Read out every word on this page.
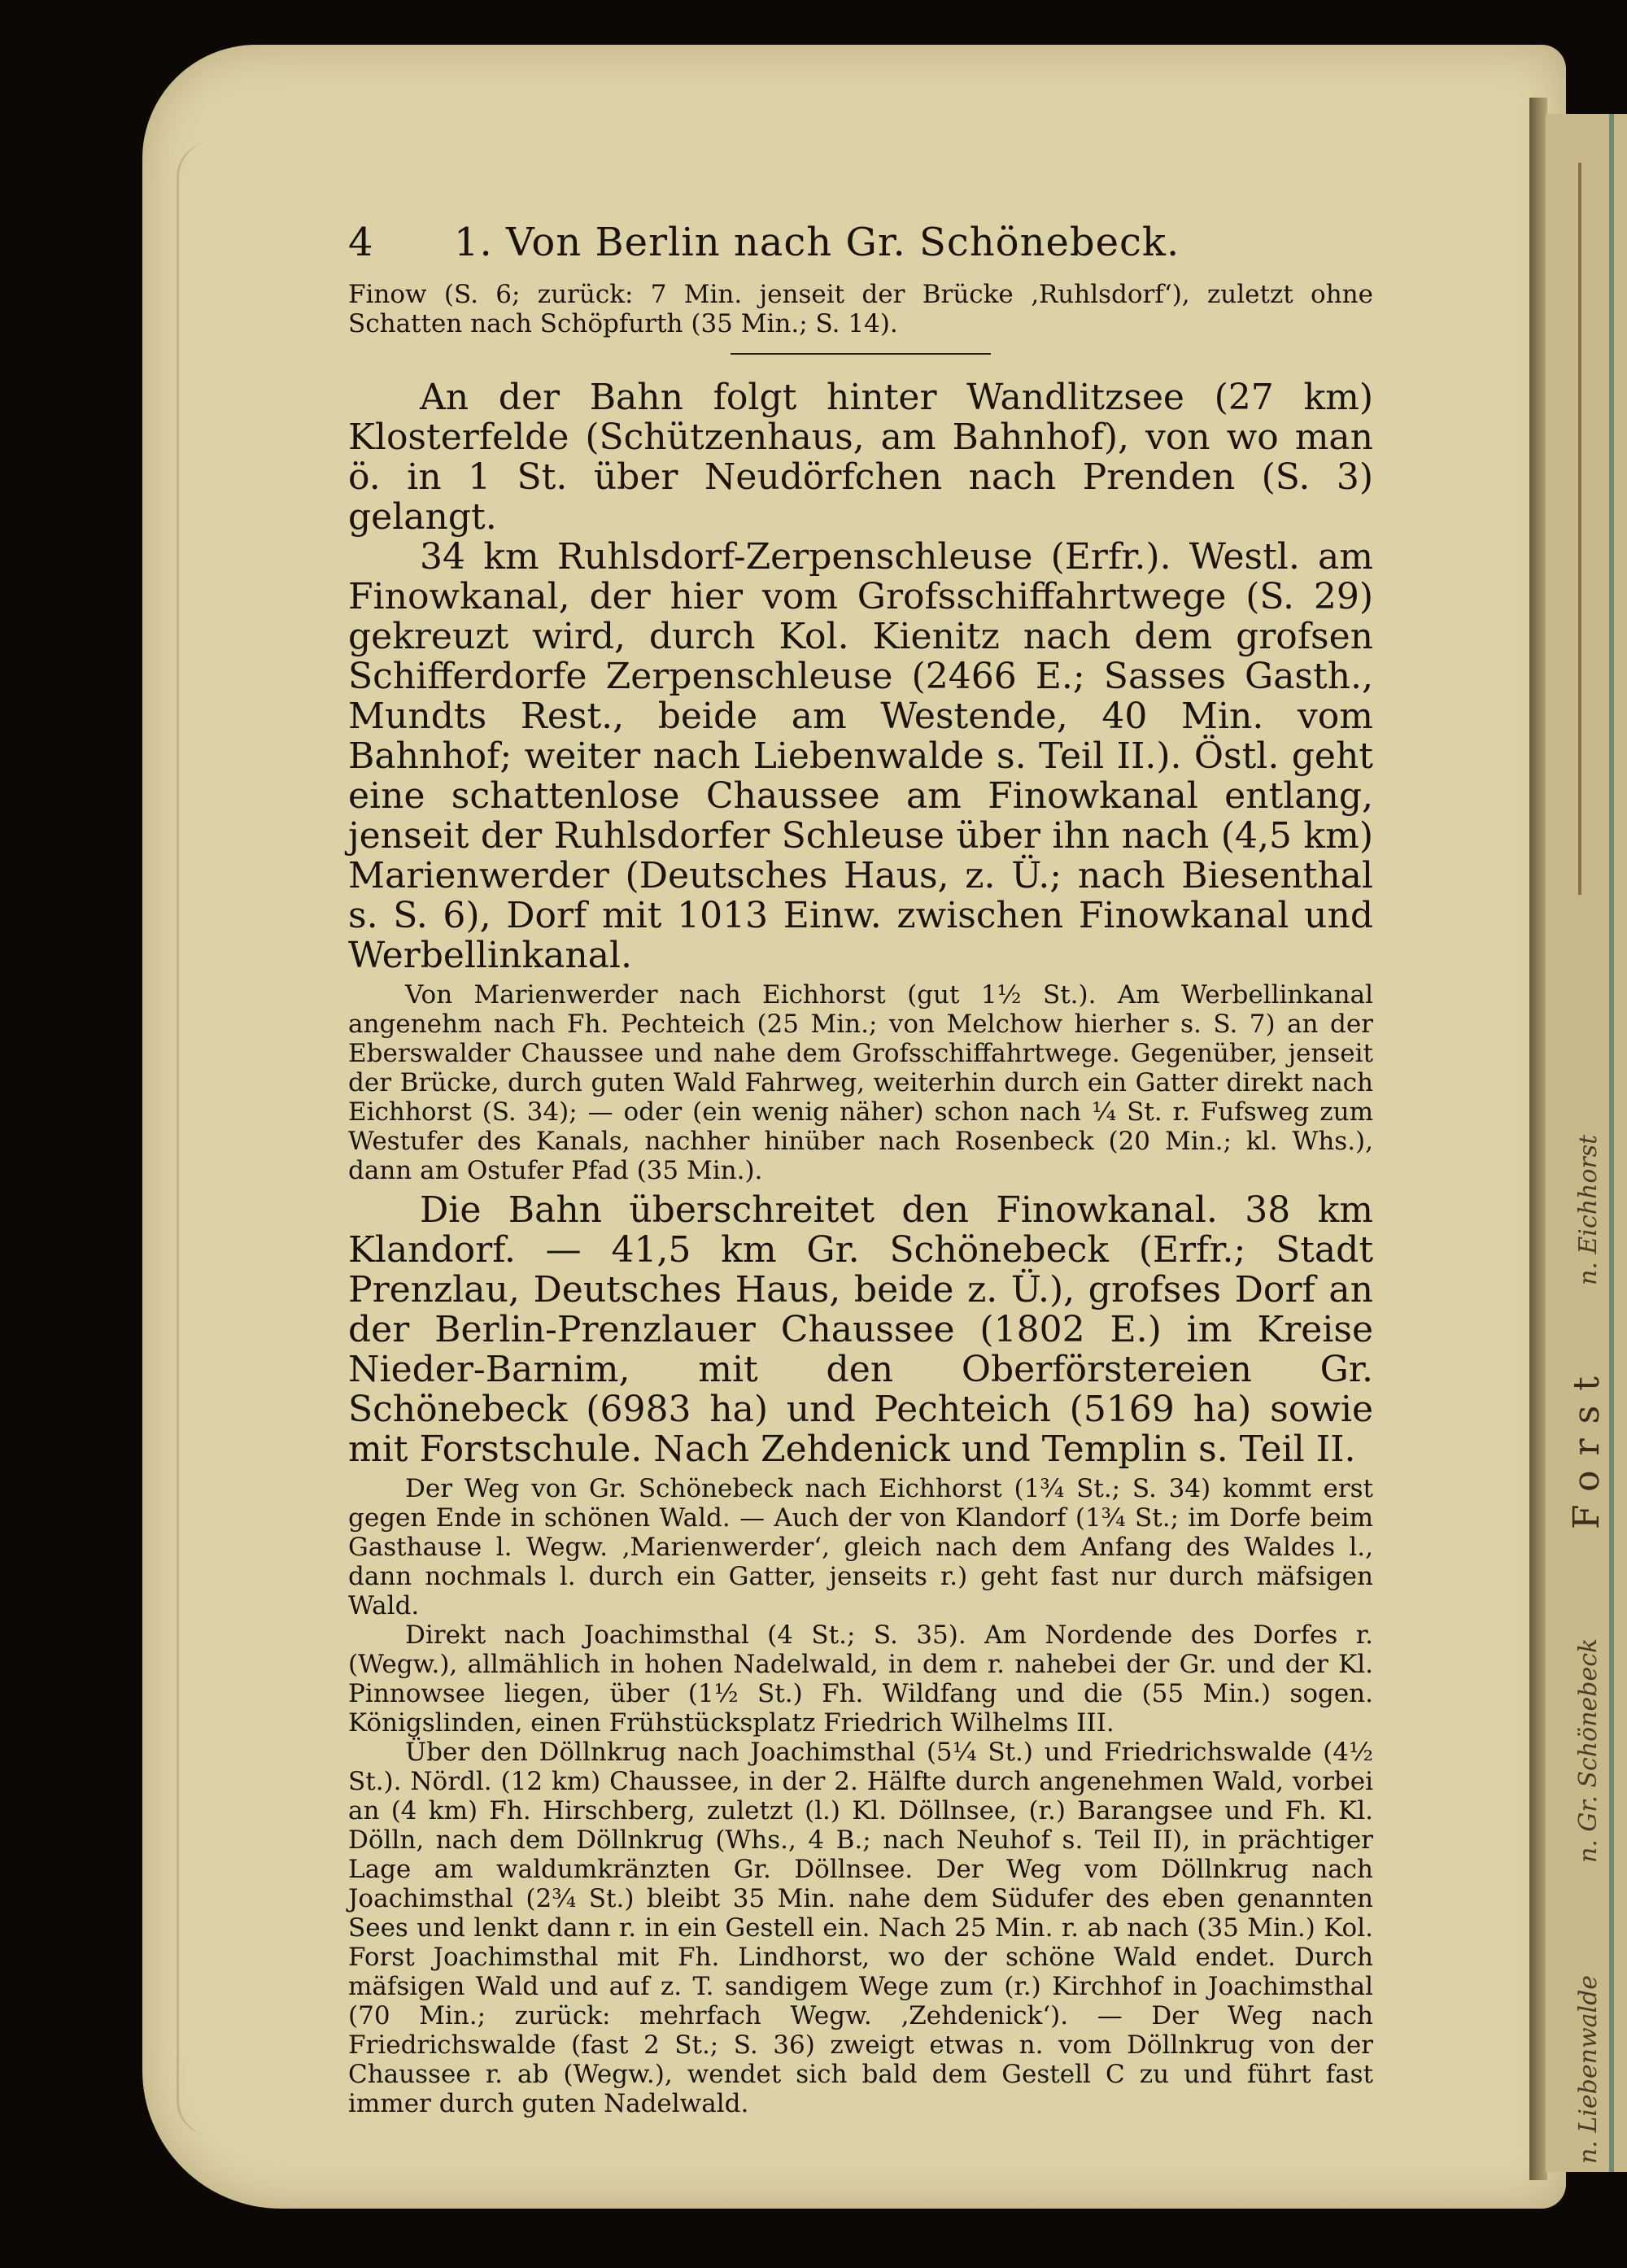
n. Eichhorst
n. Gr. Schönebeck
Forst
n. Liebenwalde
4	1. Von Berlin nach Gr. Schönebeck.

Finow (S. 6; zurück: 7 Min. jenseit der Brücke ‚Ruhlsdorf‘), zuletzt ohne Schatten nach Schöpfurth (35 Min.; S. 14).

An der Bahn folgt hinter Wandlitzsee (27 km) Klosterfelde (Schützenhaus, am Bahnhof), von wo man ö. in 1 St. über Neudörfchen nach Prenden (S. 3) gelangt.

34 km Ruhlsdorf-Zerpenschleuse (Erfr.). Westl. am Finowkanal, der hier vom Grofsschiffahrtwege (S. 29) gekreuzt wird, durch Kol. Kienitz nach dem grofsen Schifferdorfe Zerpenschleuse (2466 E.; Sasses Gasth., Mundts Rest., beide am Westende, 40 Min. vom Bahnhof; weiter nach Liebenwalde s. Teil II.). Östl. geht eine schattenlose Chaussee am Finowkanal entlang, jenseit der Ruhlsdorfer Schleuse über ihn nach (4,5 km) Marienwerder (Deutsches Haus, z. Ü.; nach Biesenthal s. S. 6), Dorf mit 1013 Einw. zwischen Finowkanal und Werbellinkanal.

Von Marienwerder nach Eichhorst (gut 1½ St.). Am Werbellinkanal angenehm nach Fh. Pechteich (25 Min.; von Melchow hierher s. S. 7) an der Eberswalder Chaussee und nahe dem Grofsschiffahrtwege. Gegenüber, jenseit der Brücke, durch guten Wald Fahrweg, weiterhin durch ein Gatter direkt nach Eichhorst (S. 34); — oder (ein wenig näher) schon nach ¼ St. r. Fufsweg zum Westufer des Kanals, nachher hinüber nach Rosenbeck (20 Min.; kl. Whs.), dann am Ostufer Pfad (35 Min.).

Die Bahn überschreitet den Finowkanal. 38 km Klandorf. — 41,5 km Gr. Schönebeck (Erfr.; Stadt Prenzlau, Deutsches Haus, beide z. Ü.), grofses Dorf an der Berlin-Prenzlauer Chaussee (1802 E.) im Kreise Nieder-Barnim, mit den Oberförstereien Gr. Schönebeck (6983 ha) und Pechteich (5169 ha) sowie mit Forstschule. Nach Zehdenick und Templin s. Teil II.

Der Weg von Gr. Schönebeck nach Eichhorst (1¾ St.; S. 34) kommt erst gegen Ende in schönen Wald. — Auch der von Klandorf (1¾ St.; im Dorfe beim Gasthause l. Wegw. ‚Marienwerder‘, gleich nach dem Anfang des Waldes l., dann nochmals l. durch ein Gatter, jenseits r.) geht fast nur durch mäfsigen Wald.

Direkt nach Joachimsthal (4 St.; S. 35). Am Nordende des Dorfes r. (Wegw.), allmählich in hohen Nadelwald, in dem r. nahebei der Gr. und der Kl. Pinnowsee liegen, über (1½ St.) Fh. Wildfang und die (55 Min.) sogen. Königslinden, einen Frühstücksplatz Friedrich Wilhelms III.

Über den Döllnkrug nach Joachimsthal (5¼ St.) und Friedrichswalde (4½ St.). Nördl. (12 km) Chaussee, in der 2. Hälfte durch angenehmen Wald, vorbei an (4 km) Fh. Hirschberg, zuletzt (l.) Kl. Döllnsee, (r.) Barangsee und Fh. Kl. Dölln, nach dem Döllnkrug (Whs., 4 B.; nach Neuhof s. Teil II), in prächtiger Lage am waldumkränzten Gr. Döllnsee. Der Weg vom Döllnkrug nach Joachimsthal (2¾ St.) bleibt 35 Min. nahe dem Südufer des eben genannten Sees und lenkt dann r. in ein Gestell ein. Nach 25 Min. r. ab nach (35 Min.) Kol. Forst Joachimsthal mit Fh. Lindhorst, wo der schöne Wald endet. Durch mäfsigen Wald und auf z. T. sandigem Wege zum (r.) Kirchhof in Joachimsthal (70 Min.; zurück: mehrfach Wegw. ‚Zehdenick‘). — Der Weg nach Friedrichswalde (fast 2 St.; S. 36) zweigt etwas n. vom Döllnkrug von der Chaussee r. ab (Wegw.), wendet sich bald dem Gestell C zu und führt fast immer durch guten Nadelwald.
